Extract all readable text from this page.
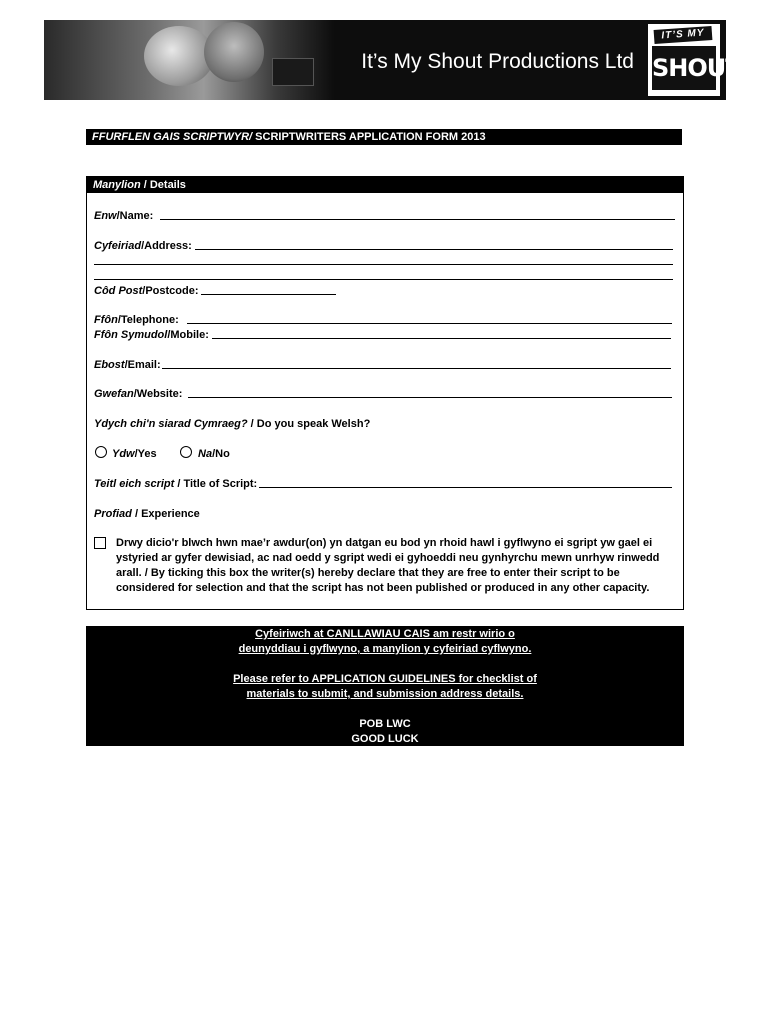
It’s My Shout Productions Ltd
IT’S MY
SHOUT
FFURFLEN GAIS SCRIPTWYR/ SCRIPTWRITERS APPLICATION FORM 2013
Manylion / Details
Enw/Name:
Cyfeiriad/Address:
Côd Post/Postcode:
Ffôn/Telephone:
Ffôn Symudol/Mobile:
Ebost/Email:
Gwefan/Website:
Ydych chi'n siarad Cymraeg? / Do you speak Welsh?
Ydw/Yes	Na/No
Teitl eich script / Title of Script:
Profiad / Experience
Drwy dicio'r blwch hwn mae’r awdur(on) yn datgan eu bod yn rhoid hawl i gyflwyno ei sgript yw gael ei ystyried ar gyfer dewisiad, ac nad oedd y sgript wedi ei gyhoeddi neu gynhyrchu mewn unrhyw rinwedd arall. / By ticking this box the writer(s) hereby declare that they are free to enter their script to be considered for selection and that the script has not been published or produced in any other capacity.

Cyfeiriwch at CANLLAWIAU CAIS am restr wirio o

deunyddiau i gyflwyno, a manylion y cyfeiriad cyflwyno.

Please refer to APPLICATION GUIDELINES for checklist of

materials to submit, and submission address details.

POB LWC

GOOD LUCK
